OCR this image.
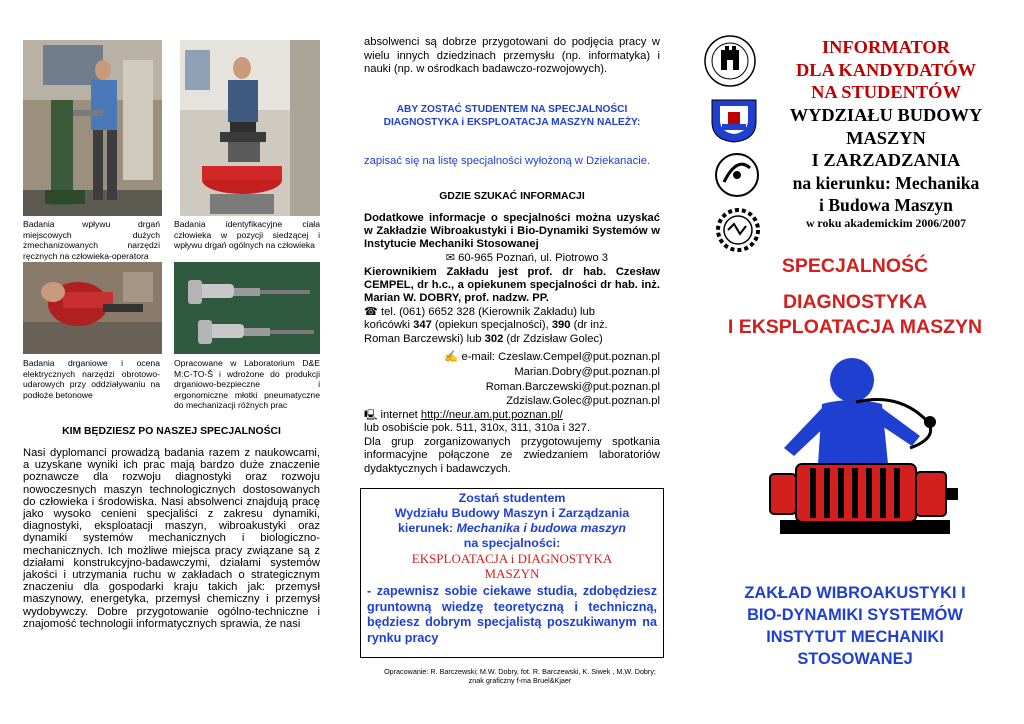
Badania wpływu drgań miejscowych dużych zmechanizowanych narzędzi ręcznych na człowieka-operatora
Badania identyfikacyjne ciała człowieka w pozycji siedzącej i wpływu drgań ogólnych na człowieka
Badania drganiowe i ocena elektrycznych narzędzi obrotowo-udarowych przy oddziaływaniu na podłoże betonowe
Opracowane w Laboratorium D&E M:C-TO-Š i wdrożone do produkcji drganiowo-bezpieczne i ergonomiczne młotki pneumatyczne do mechanizacji różnych prac
KIM BĘDZIESZ PO NASZEJ SPECJALNOŚCI
Nasi dyplomanci prowadzą badania razem z naukowcami, a uzyskane wyniki ich prac mają bardzo duże znaczenie poznawcze dla rozwoju diagnostyki oraz rozwoju nowoczesnych maszyn technologicznych dostosowanych do człowieka i środowiska. Nasi absolwenci znajdują pracę jako wysoko cenieni specjaliści z zakresu dynamiki, diagnostyki, eksploatacji maszyn, wibroakustyki oraz dynamiki systemów mechanicznych i biologiczno-mechanicznych. Ich możliwe miejsca pracy związane są z działami konstrukcyjno-badawczymi, działami systemów jakości i utrzymania ruchu w zakładach o strategicznym znaczeniu dla gospodarki kraju takich jak: przemysł maszynowy, energetyka, przemysł chemiczny i przemysł wydobywczy. Dobre przygotowanie ogólno-techniczne i znajomość technologii informatycznych sprawia, że nasi
absolwenci są dobrze przygotowani do podjęcia pracy w wielu innych dziedzinach przemysłu (np. informatyka) i nauki (np. w ośrodkach badawczo-rozwojowych).
ABY ZOSTAĆ STUDENTEM NA SPECJALNOŚCI DIAGNOSTYKA i EKSPLOATACJA MASZYN NALEŻY:
zapisać się na listę specjalności wyłożoną w Dziekanacie.
GDZIE SZUKAĆ INFORMACJI
Dodatkowe informacje o specjalności można uzyskać w Zakładzie Wibroakustyki i Bio-Dynamiki Systemów w Instytucie Mechaniki Stosowanej
✉ 60-965 Poznań, ul. Piotrowo 3
Kierownikiem Zakładu jest prof. dr hab. Czesław CEMPEL, dr h.c., a opiekunem specjalności dr hab. inż. Marian W. DOBRY, prof. nadzw. PP.
☎ tel. (061) 6652 328 (Kierownik Zakładu) lub
końcówki 347 (opiekun specjalności), 390 (dr inż.
Roman Barczewski) lub 302 (dr Zdzisław Golec)
✍ e-mail: Czeslaw.Cempel@put.poznan.pl
Marian.Dobry@put.poznan.pl
Roman.Barczewski@put.poznan.pl
Zdzislaw.Golec@put.poznan.pl
🖳 internet http://neur.am.put.poznan.pl/
lub osobiście pok. 511, 310x, 311, 310a i 327.
Dla grup zorganizowanych przygotowujemy spotkania informacyjne połączone ze zwiedzaniem laboratoriów dydaktycznych i badawczych.
Zostań studentem
Wydziału Budowy Maszyn i Zarządzania
kierunek: Mechanika i budowa maszyn
na specjalności:
EKSPLOATACJA i DIAGNOSTYKA MASZYN
- zapewnisz sobie ciekawe studia, zdobędziesz gruntowną wiedzę teoretyczną i techniczną, będziesz dobrym specjalistą poszukiwanym na rynku pracy
Opracowanie: R. Barczewski; M.W. Dobry, fot. R. Barczewski, K. Siwek , M.W. Dobry; znak graficzny f-ma Bruel&Kjaer
INFORMATOR
DLA KANDYDATÓW
NA STUDENTÓW
WYDZIAŁU BUDOWY
MASZYN
I ZARZADZANIA
na kierunku: Mechanika
i Budowa Maszyn
w roku akademickim 2006/2007
SPECJALNOŚĆ
DIAGNOSTYKA
I EKSPLOATACJA MASZYN
ZAKŁAD WIBROAKUSTYKI I
BIO-DYNAMIKI SYSTEMÓW
INSTYTUT MECHANIKI
STOSOWANEJ
